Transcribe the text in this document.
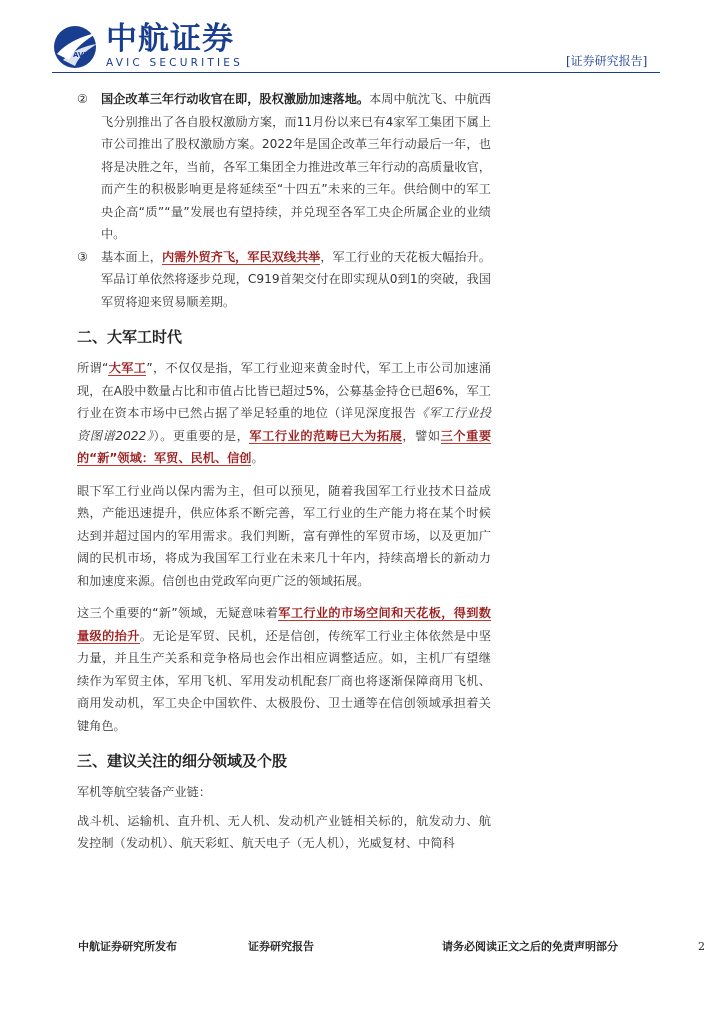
AVIC 中航证券
AVIC SECURITIES	[证券研究报告]
② 国企改革三年行动收官在即，股权激励加速落地。本周中航沈飞、中航西飞分别推出了各自股权激励方案，而11月份以来已有4家军工集团下属上市公司推出了股权激励方案。2022年是国企改革三年行动最后一年，也将是决胜之年，当前，各军工集团全力推进改革三年行动的高质量收官，而产生的积极影响更是将延续至“十四五”未来的三年。供给侧中的军工央企高“质”“量”发展也有望持续，并兑现至各军工央企所属企业的业绩中。
③ 基本面上，内需外贸齐飞，军民双线共举，军工行业的天花板大幅抬升。军品订单依然将逐步兑现，C919首架交付在即实现从0到1的突破，我国军贸将迎来贸易顺差期。
二、大军工时代

所谓“大军工”，不仅仅是指，军工行业迎来黄金时代，军工上市公司加速涌现，在A股中数量占比和市值占比皆已超过5%，公募基金持仓已超6%，军工行业在资本市场中已然占据了举足轻重的地位（详见深度报告《军工行业投资图谱2022》）。更重要的是，军工行业的范畴已大为拓展，譬如三个重要的“新”领域：军贸、民机、信创。

眼下军工行业尚以保内需为主，但可以预见，随着我国军工行业技术日益成熟，产能迅速提升，供应体系不断完善，军工行业的生产能力将在某个时候达到并超过国内的军用需求。我们判断，富有弹性的军贸市场，以及更加广阔的民机市场，将成为我国军工行业在未来几十年内，持续高增长的新动力和加速度来源。信创也由党政军向更广泛的领域拓展。

这三个重要的“新”领域，无疑意味着军工行业的市场空间和天花板，得到数量级的抬升。无论是军贸、民机，还是信创，传统军工行业主体依然是中坚力量，并且生产关系和竞争格局也会作出相应调整适应。如，主机厂有望继续作为军贸主体，军用飞机、军用发动机配套厂商也将逐渐保障商用飞机、商用发动机，军工央企中国软件、太极股份、卫士通等在信创领域承担着关键角色。

三、建议关注的细分领域及个股

军机等航空装备产业链：

战斗机、运输机、直升机、无人机、发动机产业链相关标的，航发动力、航发控制（发动机）、航天彩虹、航天电子（无人机），光威复材、中简科

中航证券研究所发布	证券研究报告	请务必阅读正文之后的免责声明部分	2
